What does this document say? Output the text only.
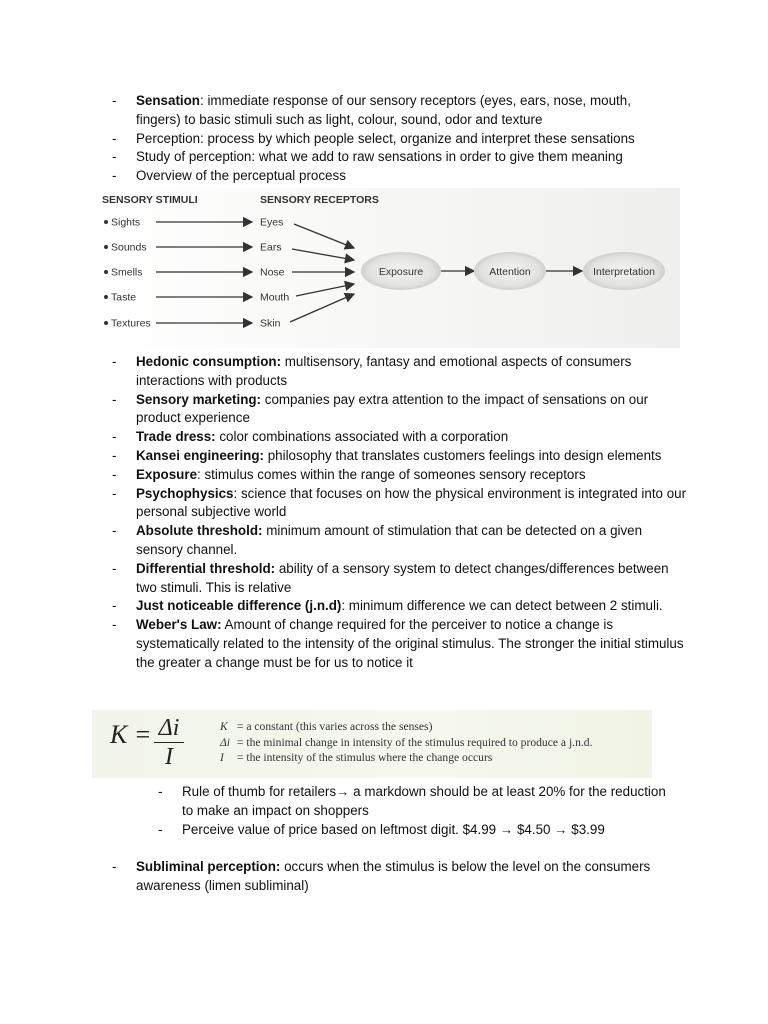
- Sensation: immediate response of our sensory receptors (eyes, ears, nose, mouth, fingers) to basic stimuli such as light, colour, sound, odor and texture
- Perception: process by which people select, organize and interpret these sensations
- Study of perception: what we add to raw sensations in order to give them meaning
- Overview of the perceptual process
SENSORY STIMULI	SENSORY RECEPTORS
Sights
Sounds
Smells
Taste
Textures
Eyes
Ears
Nose
Mouth
Skin
Exposure	Attention	Interpretation
- Hedonic consumption: multisensory, fantasy and emotional aspects of consumers interactions with products
- Sensory marketing: companies pay extra attention to the impact of sensations on our product experience
- Trade dress: color combinations associated with a corporation
- Kansei engineering: philosophy that translates customers feelings into design elements
- Exposure: stimulus comes within the range of someones sensory receptors
- Psychophysics: science that focuses on how the physical environment is integrated into our personal subjective world
- Absolute threshold: minimum amount of stimulation that can be detected on a given sensory channel.
- Differential threshold: ability of a sensory system to detect changes/differences between two stimuli. This is relative
- Just noticeable difference (j.n.d): minimum difference we can detect between 2 stimuli.
- Weber's Law: Amount of change required for the perceiver to notice a change is systematically related to the intensity of the original stimulus. The stronger the initial stimulus the greater a change must be for us to notice it
$K = \frac{\Delta i}{I}$	K = a constant (this varies across the senses)
Δi = the minimal change in intensity of the stimulus required to produce a j.n.d.
I = the intensity of the stimulus where the change occurs
- Rule of thumb for retailers→ a markdown should be at least 20% for the reduction to make an impact on shoppers
- Perceive value of price based on leftmost digit. $4.99 → $4.50 → $3.99
- Subliminal perception: occurs when the stimulus is below the level on the consumers awareness (limen subliminal)
